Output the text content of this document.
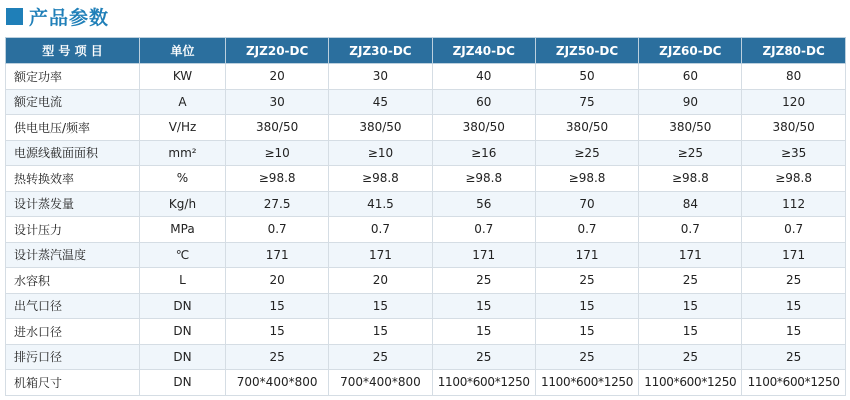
产品参数
型 号 项 目	单位	ZJZ20-DC	ZJZ30-DC	ZJZ40-DC	ZJZ50-DC	ZJZ60-DC	ZJZ80-DC
额定功率	KW	20	30	40	50	60	80
额定电流	A	30	45	60	75	90	120
供电电压/频率	V/Hz	380/50	380/50	380/50	380/50	380/50	380/50
电源线截面面积	mm²	≥10	≥10	≥16	≥25	≥25	≥35
热转换效率	%	≥98.8	≥98.8	≥98.8	≥98.8	≥98.8	≥98.8
设计蒸发量	Kg/h	27.5	41.5	56	70	84	112
设计压力	MPa	0.7	0.7	0.7	0.7	0.7	0.7
设计蒸汽温度	℃	171	171	171	171	171	171
水容积	L	20	20	25	25	25	25
出气口径	DN	15	15	15	15	15	15
进水口径	DN	15	15	15	15	15	15
排污口径	DN	25	25	25	25	25	25
机箱尺寸	DN	700*400*800	700*400*800	1100*600*1250	1100*600*1250	1100*600*1250	1100*600*1250
